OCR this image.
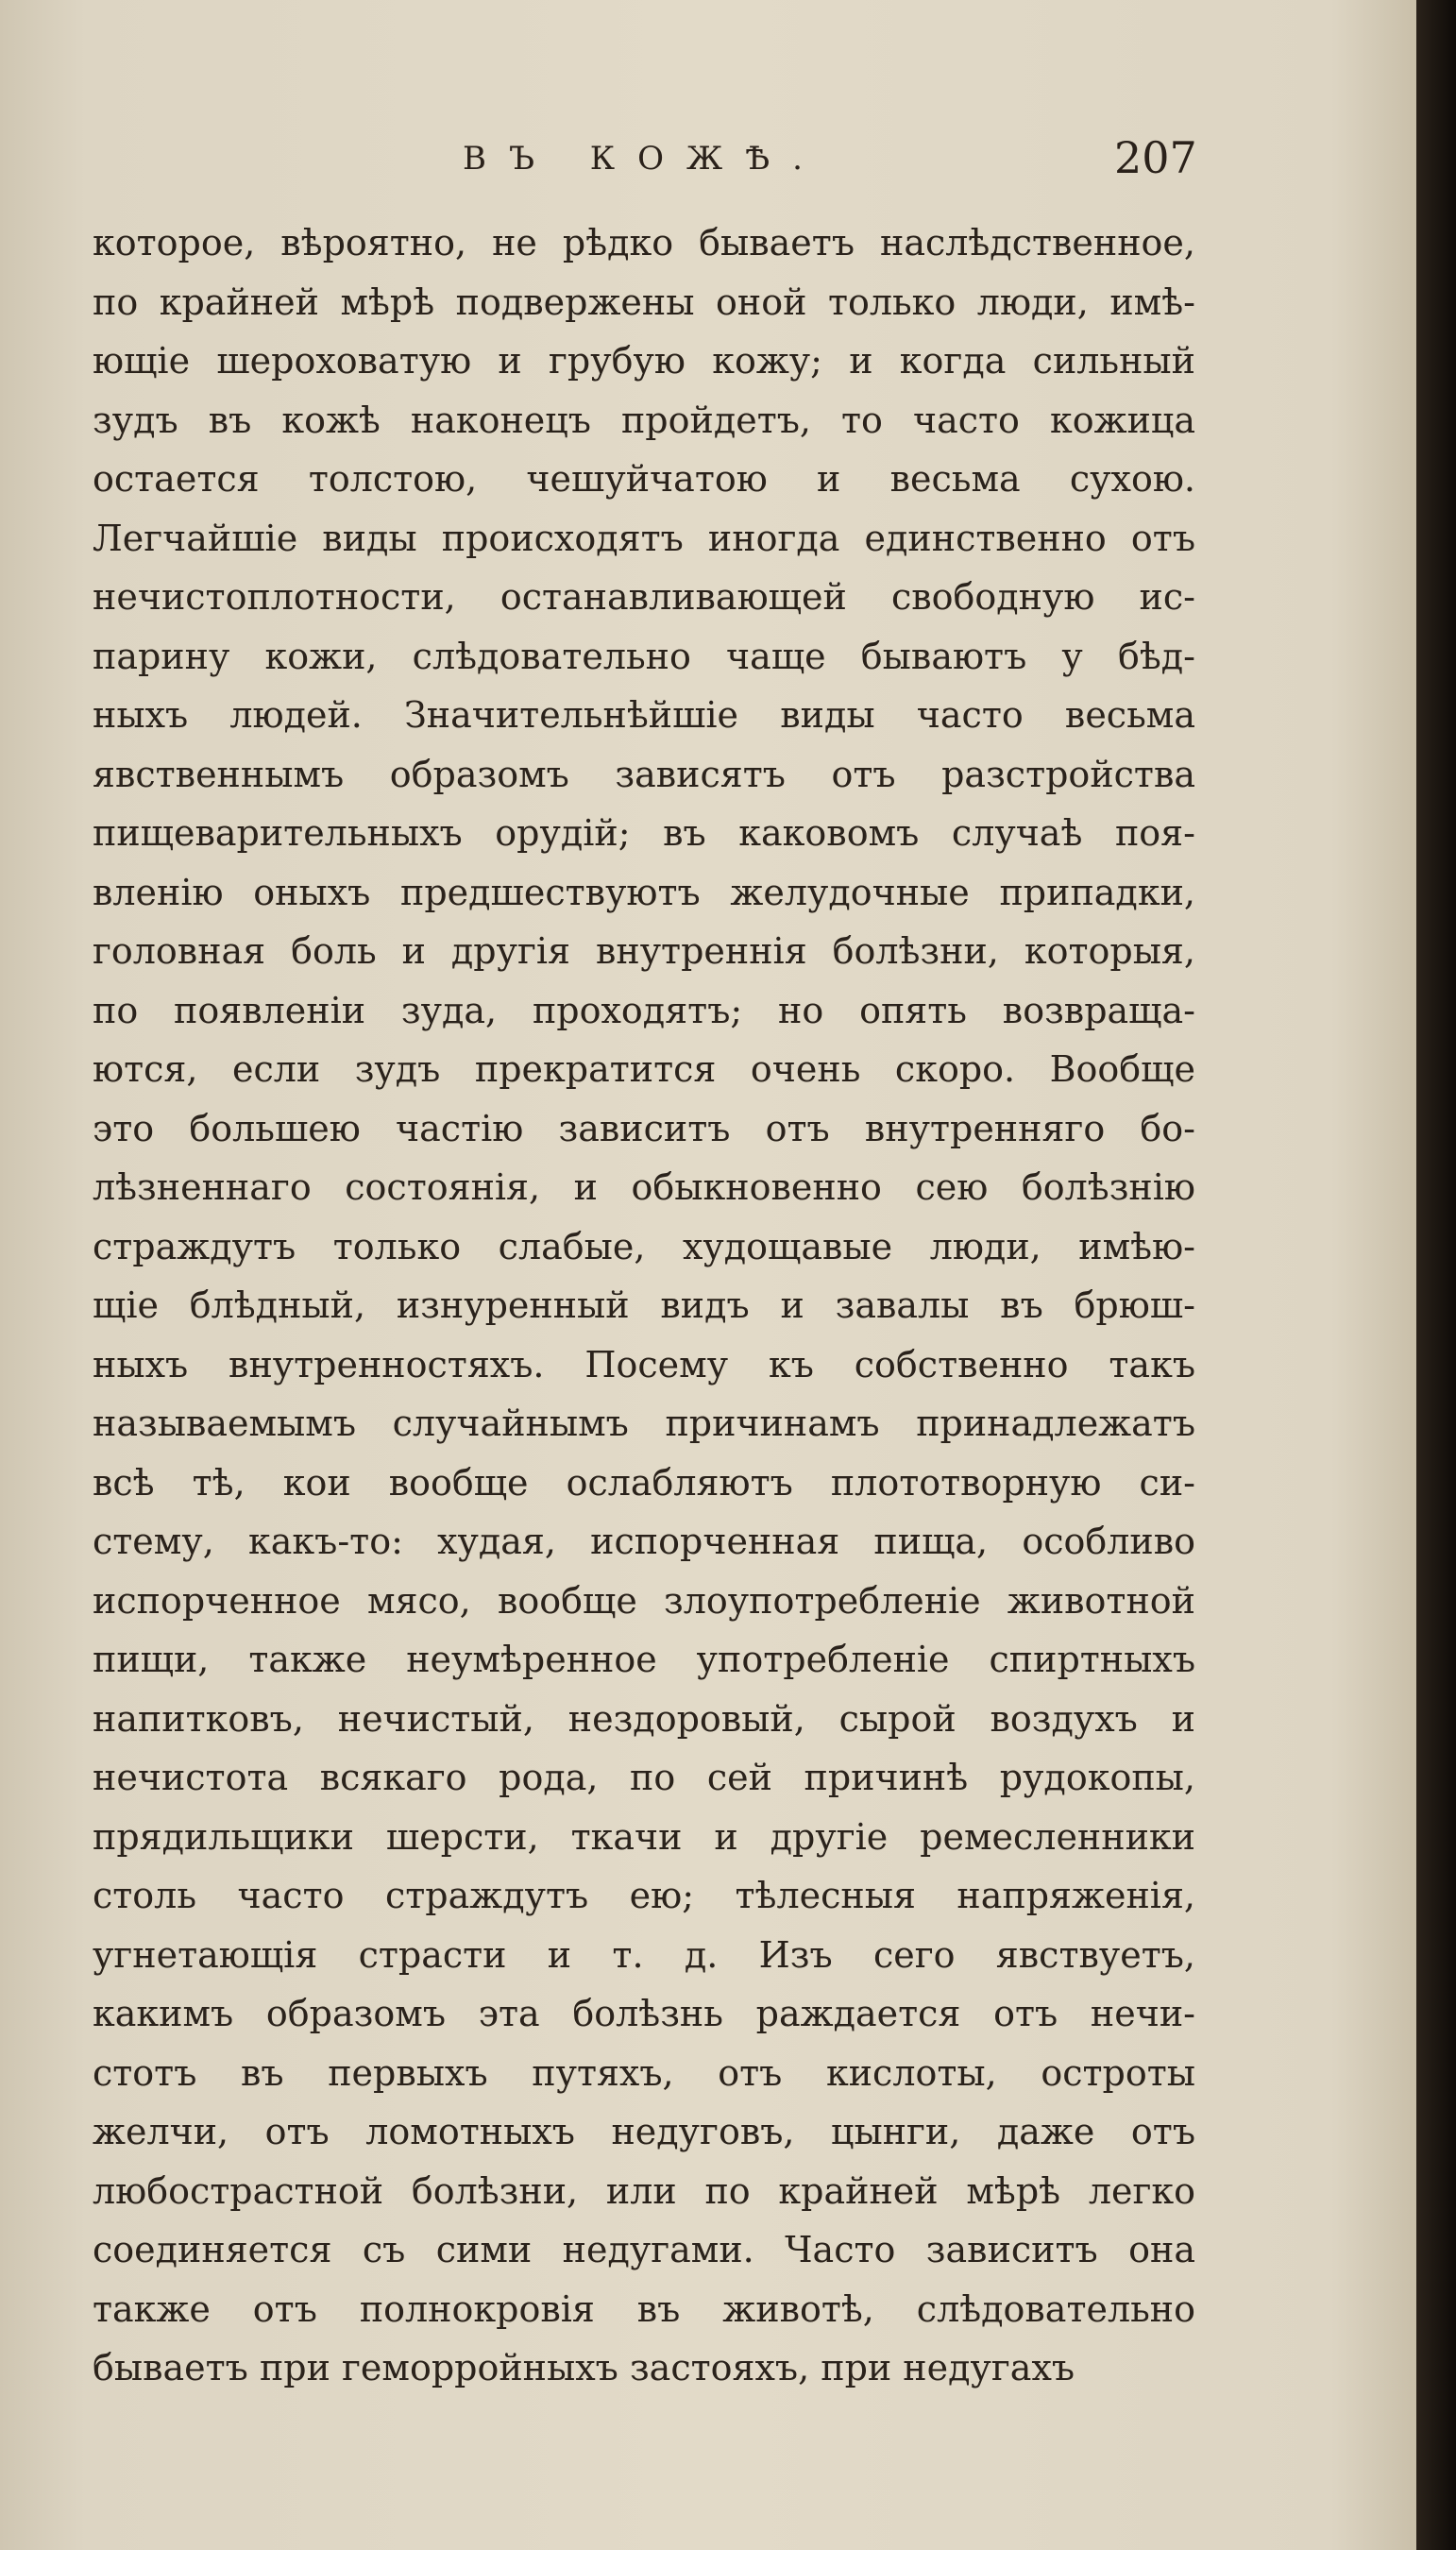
ВЪ КОЖѢ.	207
которое, вѣроятно, не рѣдко бываетъ наслѣдственное,
по крайней мѣрѣ подвержены оной только люди, имѣ-
ющіе шероховатую и грубую кожу; и когда сильный
зудъ въ кожѣ наконецъ пройдетъ, то часто кожица
остается толстою, чешуйчатою и весьма сухою.
Легчайшіе виды происходятъ иногда единственно отъ
нечистоплотности, останавливающей свободную ис-
парину кожи, слѣдовательно чаще бываютъ у бѣд-
ныхъ людей. Значительнѣйшіе виды часто весьма
явственнымъ образомъ зависятъ отъ разстройства
пищеварительныхъ орудій; въ каковомъ случаѣ поя-
вленію оныхъ предшествуютъ желудочные припадки,
головная боль и другія внутреннія болѣзни, которыя,
по появленіи зуда, проходятъ; но опять возвраща-
ются, если зудъ прекратится очень скоро. Вообще
это большею частію зависитъ отъ внутренняго бо-
лѣзненнаго состоянія, и обыкновенно сею болѣзнію
страждутъ только слабые, худощавые люди, имѣю-
щіе блѣдный, изнуренный видъ и завалы въ брюш-
ныхъ внутренностяхъ. Посему къ собственно такъ
называемымъ случайнымъ причинамъ принадлежатъ
всѣ тѣ, кои вообще ослабляютъ плототворную си-
стему, какъ-то: худая, испорченная пища, особливо
испорченное мясо, вообще злоупотребленіе животной
пищи, также неумѣренное употребленіе спиртныхъ
напитковъ, нечистый, нездоровый, сырой воздухъ и
нечистота всякаго рода, по сей причинѣ рудокопы,
прядильщики шерсти, ткачи и другіе ремесленники
столь часто страждутъ ею; тѣлесныя напряженія,
угнетающія страсти и т. д. Изъ сего явствуетъ,
какимъ образомъ эта болѣзнь раждается отъ нечи-
стотъ въ первыхъ путяхъ, отъ кислоты, остроты
желчи, отъ ломотныхъ недуговъ, цынги, даже отъ
любострастной болѣзни, или по крайней мѣрѣ легко
соединяется съ сими недугами. Часто зависитъ она
также отъ полнокровія въ животѣ, слѣдовательно
бываетъ при геморройныхъ застояхъ, при недугахъ
